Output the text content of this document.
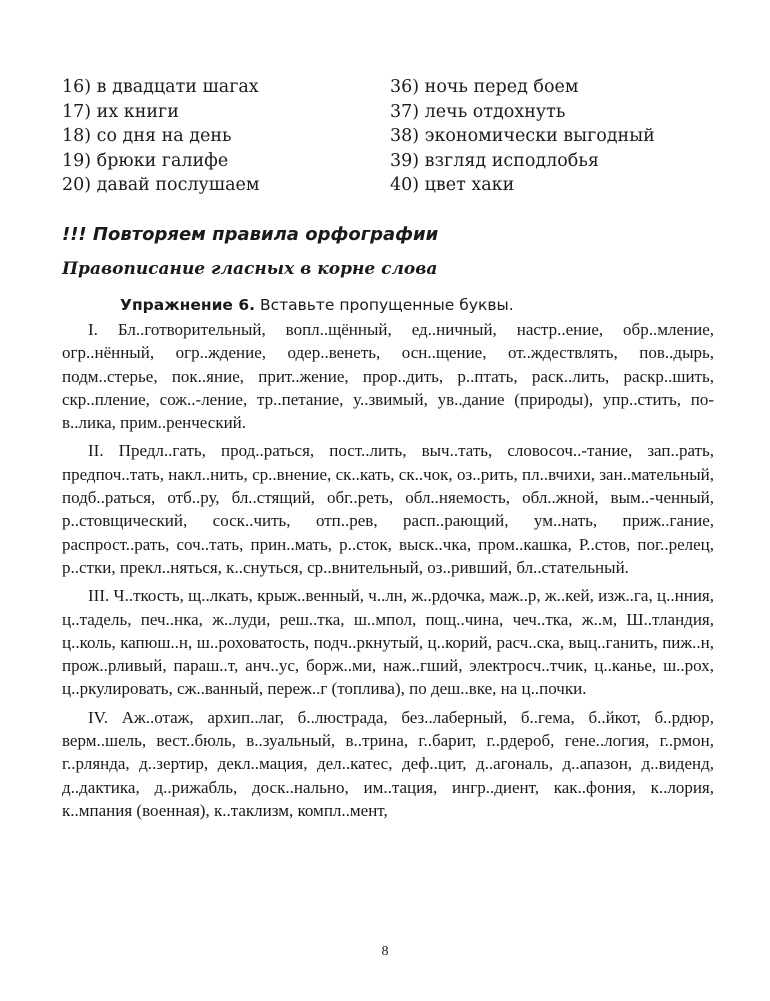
16) в двадцати шагах
17) их книги
18) со дня на день
19) брюки галифе
20) давай послушаем
36) ночь перед боем
37) лечь отдохнуть
38) экономически выгодный
39) взгляд исподлобья
40) цвет хаки
!!! Повторяем правила орфографии
Правописание гласных в корне слова
Упражнение 6. Вставьте пропущенные буквы.

I. Бл..готворительный, вопл..щённый, ед..ничный, настр..ение, обр..мление, огр..нённый, огр..ждение, одер..венеть, осн..щение, от..ждествлять, пов..дырь, подм..стерье, пок..яние, прит..жение, прор..дить, р..птать, раск..лить, раскр..шить, скр..пление, сож..-ление, тр..петание, у..звимый, ув..дание (природы), упр..стить, по-в..лика, прим..ренческий.

II. Предл..гать, прод..раться, пост..лить, выч..тать, словосоч..-тание, зап..рать, предпоч..тать, накл..нить, ср..внение, ск..кать, ск..чок, оз..рить, пл..вчихи, зан..мательный, подб..раться, отб..ру, бл..стящий, обг..реть, обл..няемость, обл..жной, вым..-ченный, р..стовщический, соск..чить, отп..рев, расп..рающий, ум..нать, приж..гание, распрост..рать, соч..тать, прин..мать, р..сток, выск..чка, пром..кашка, Р..стов, пог..релец, р..стки, прекл..няться, к..снуться, ср..внительный, оз..ривший, бл..стательный.

III. Ч..ткость, щ..лкать, крыж..венный, ч..лн, ж..рдочка, маж..р, ж..кей, изж..га, ц..нния, ц..тадель, печ..нка, ж..луди, реш..тка, ш..мпол, пощ..чина, чеч..тка, ж..м, Ш..тландия, ц..коль, капюш..н, ш..роховатость, подч..ркнутый, ц..корий, расч..ска, выц..ганить, пиж..н, прож..рливый, параш..т, анч..ус, борж..ми, наж..гший, электросч..тчик, ц..канье, ш..рох, ц..ркулировать, сж..ванный, переж..г (топлива), по деш..вке, на ц..почки.

IV. Аж..отаж, архип..лаг, б..люстрада, без..лаберный, б..гема, б..йкот, б..рдюр, верм..шель, вест..бюль, в..зуальный, в..трина, г..барит, г..рдероб, гене..логия, г..рмон, г..рлянда, д..зертир, декл..мация, дел..катес, деф..цит, д..агональ, д..апазон, д..виденд, д..дактика, д..рижабль, доск..нально, им..тация, ингр..диент, как..фония, к..лория, к..мпания (военная), к..таклизм, компл..мент,

8
